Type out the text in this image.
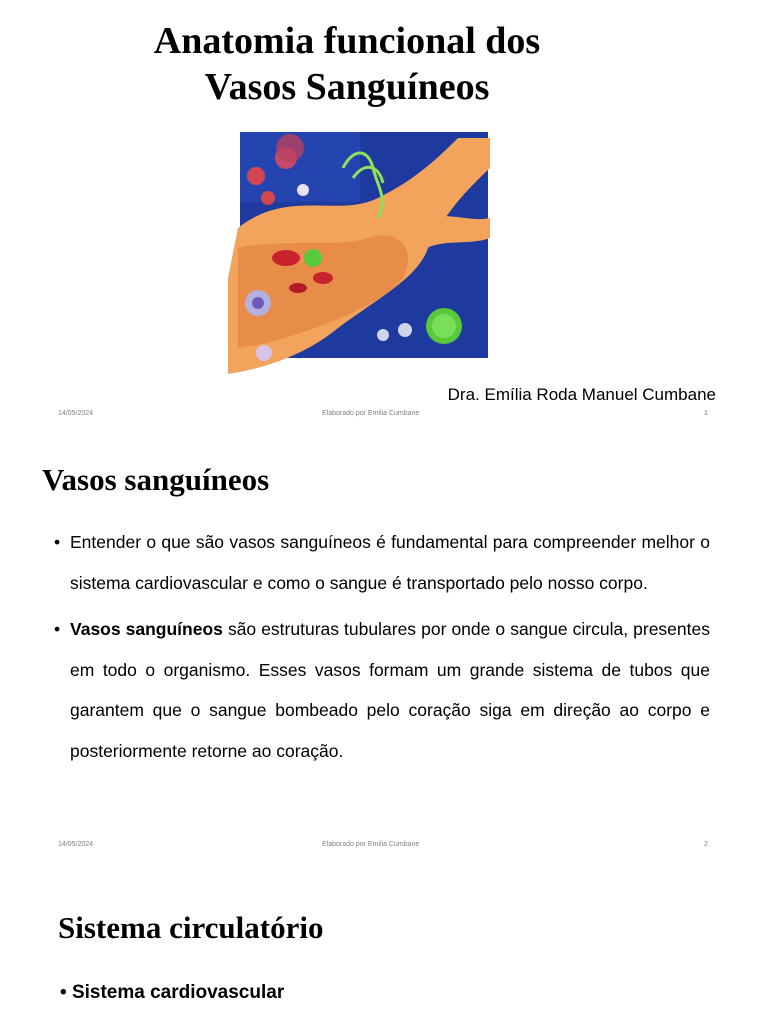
Anatomia funcional dos
Vasos Sanguíneos
Dra. Emília Roda Manuel Cumbane
14/05/2024	Elaborado por Emilia Cumbane	1
Vasos sanguíneos
• Entender o que são vasos sanguíneos é fundamental para compreender melhor o sistema cardiovascular e como o sangue é transportado pelo nosso corpo.
• Vasos sanguíneos são estruturas tubulares por onde o sangue circula, presentes em todo o organismo. Esses vasos formam um grande sistema de tubos que garantem que o sangue bombeado pelo coração siga em direção ao corpo e posteriormente retorne ao coração.
14/05/2024	Elaborado por Emilia Cumbane	2
Sistema circulatório
• Sistema cardiovascular
